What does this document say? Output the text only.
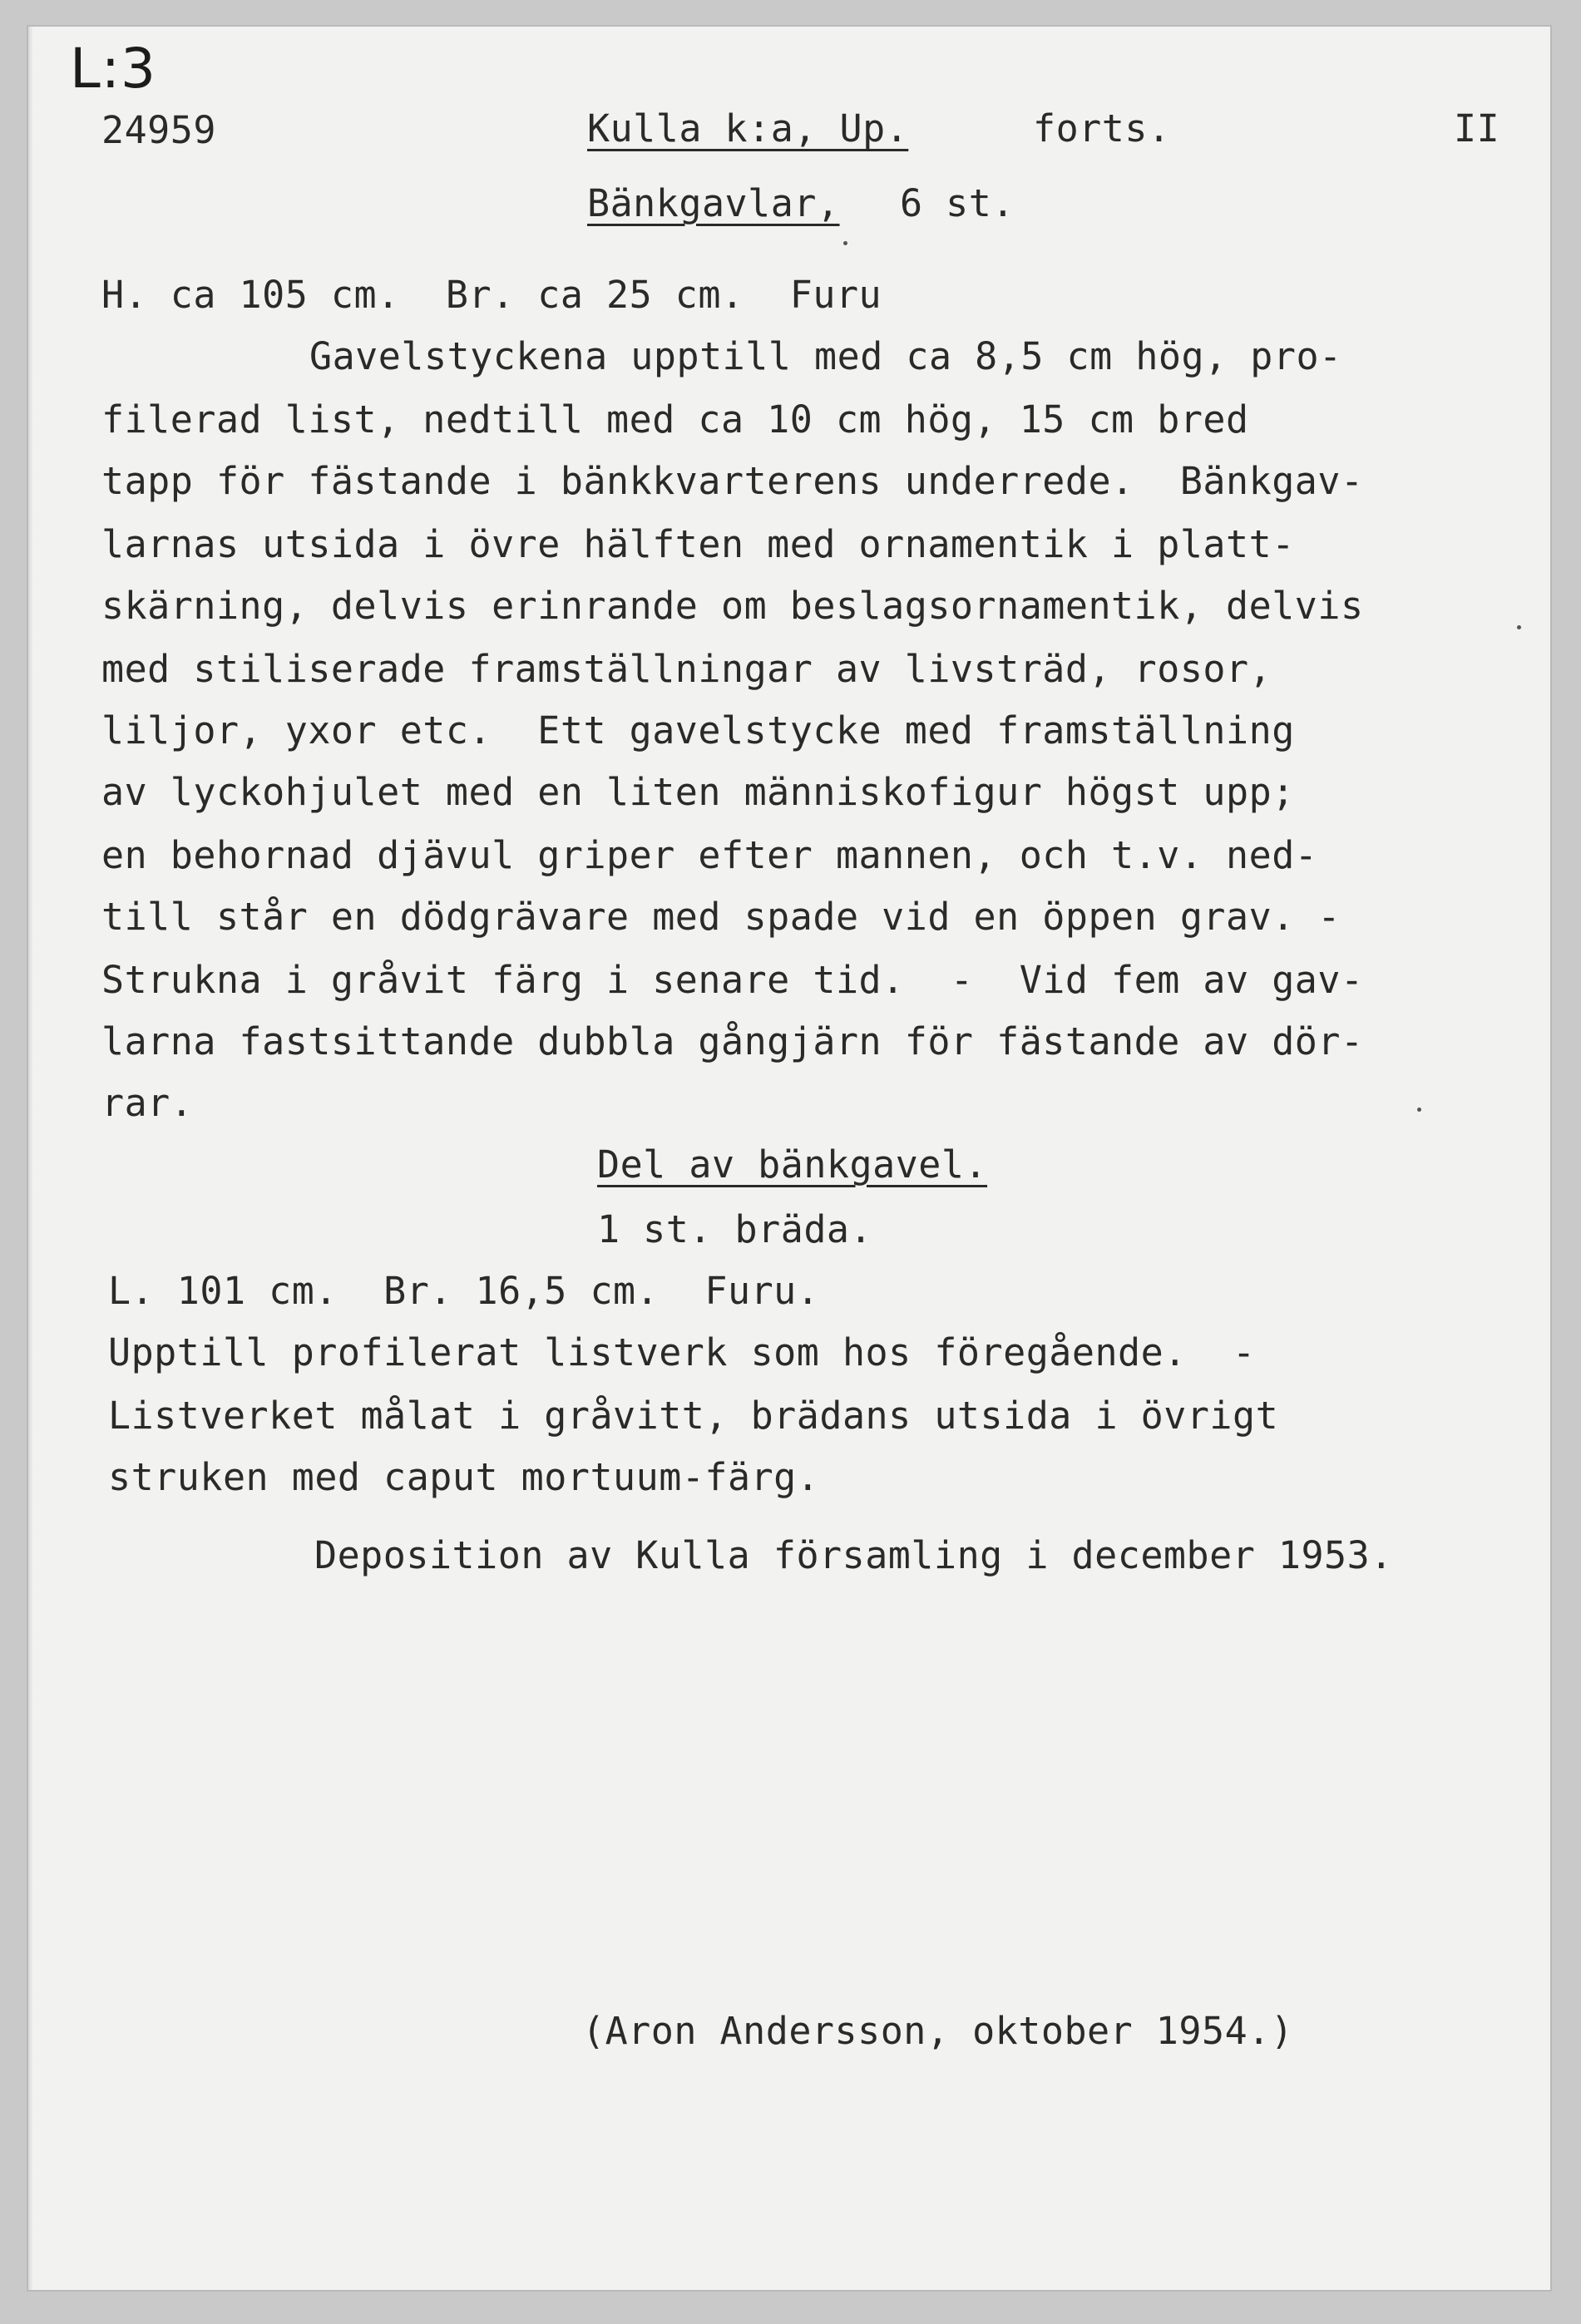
L:3
24959	Kulla k:a, Up.	forts.	II
Bänkgavlar, 6 st.
H. ca 105 cm.  Br. ca 25 cm.  Furu
Gavelstyckena upptill med ca 8,5 cm hög, pro-
filerad list, nedtill med ca 10 cm hög, 15 cm bred
tapp för fästande i bänkkvarterens underrede.  Bänkgav-
larnas utsida i övre hälften med ornamentik i platt-
skärning, delvis erinrande om beslagsornamentik, delvis
med stiliserade framställningar av livsträd, rosor,
liljor, yxor etc.  Ett gavelstycke med framställning
av lyckohjulet med en liten människofigur högst upp;
en behornad djävul griper efter mannen, och t.v. ned-
till står en dödgrävare med spade vid en öppen grav. -
Strukna i gråvit färg i senare tid.  -  Vid fem av gav-
larna fastsittande dubbla gångjärn för fästande av dör-
rar.
Del av bänkgavel.
1 st. bräda.
L. 101 cm.  Br. 16,5 cm.  Furu.
Upptill profilerat listverk som hos föregående.  -
Listverket målat i gråvitt, brädans utsida i övrigt
struken med caput mortuum-färg.
Deposition av Kulla församling i december 1953.
(Aron Andersson, oktober 1954.)
